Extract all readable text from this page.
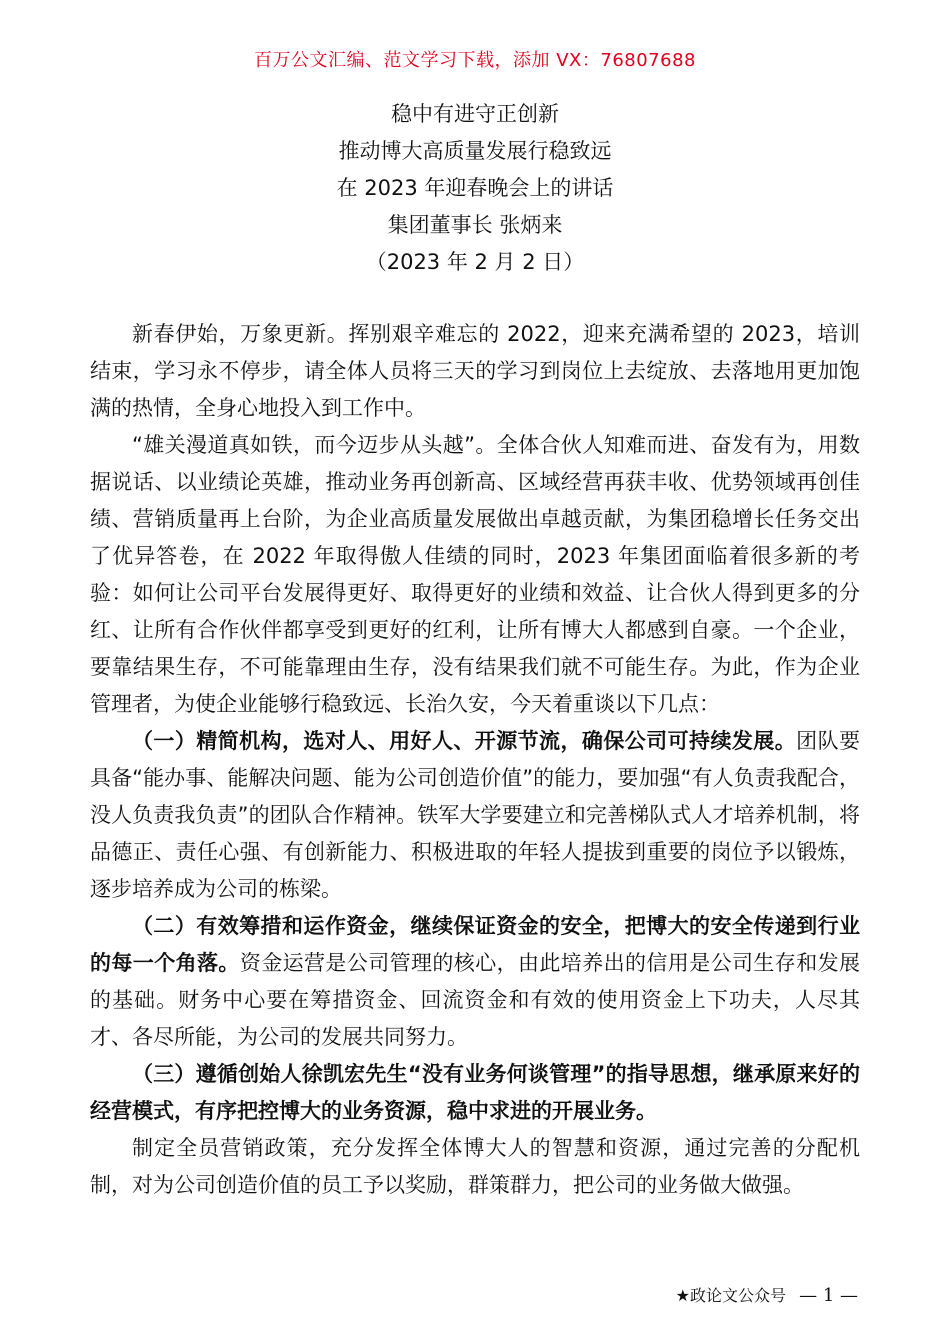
百万公文汇编、范文学习下载，添加 VX：76807688
稳中有进守正创新
推动博大高质量发展行稳致远
在 2023 年迎春晚会上的讲话
集团董事长 张炳来
（2023 年 2 月 2 日）

新春伊始，万象更新。挥别艰辛难忘的 2022，迎来充满希望的 2023，培训结束，学习永不停步，请全体人员将三天的学习到岗位上去绽放、去落地用更加饱满的热情，全身心地投入到工作中。

“雄关漫道真如铁，而今迈步从头越”。全体合伙人知难而进、奋发有为，用数据说话、以业绩论英雄，推动业务再创新高、区域经营再获丰收、优势领域再创佳绩、营销质量再上台阶，为企业高质量发展做出卓越贡献，为集团稳增长任务交出了优异答卷，在 2022 年取得傲人佳绩的同时，2023 年集团面临着很多新的考验：如何让公司平台发展得更好、取得更好的业绩和效益、让合伙人得到更多的分红、让所有合作伙伴都享受到更好的红利，让所有博大人都感到自豪。一个企业，要靠结果生存，不可能靠理由生存，没有结果我们就不可能生存。为此，作为企业管理者，为使企业能够行稳致远、长治久安，今天着重谈以下几点：

（一）精简机构，选对人、用好人、开源节流，确保公司可持续发展。团队要具备“能办事、能解决问题、能为公司创造价值”的能力，要加强“有人负责我配合，没人负责我负责”的团队合作精神。铁军大学要建立和完善梯队式人才培养机制，将品德正、责任心强、有创新能力、积极进取的年轻人提拔到重要的岗位予以锻炼，逐步培养成为公司的栋梁。

（二）有效筹措和运作资金，继续保证资金的安全，把博大的安全传递到行业的每一个角落。资金运营是公司管理的核心，由此培养出的信用是公司生存和发展的基础。财务中心要在筹措资金、回流资金和有效的使用资金上下功夫，人尽其才、各尽所能，为公司的发展共同努力。

（三）遵循创始人徐凯宏先生“没有业务何谈管理”的指导思想，继承原来好的经营模式，有序把控博大的业务资源，稳中求进的开展业务。

制定全员营销政策，充分发挥全体博大人的智慧和资源，通过完善的分配机制，对为公司创造价值的员工予以奖励，群策群力，把公司的业务做大做强。

★政论文公众号 — 1 —
